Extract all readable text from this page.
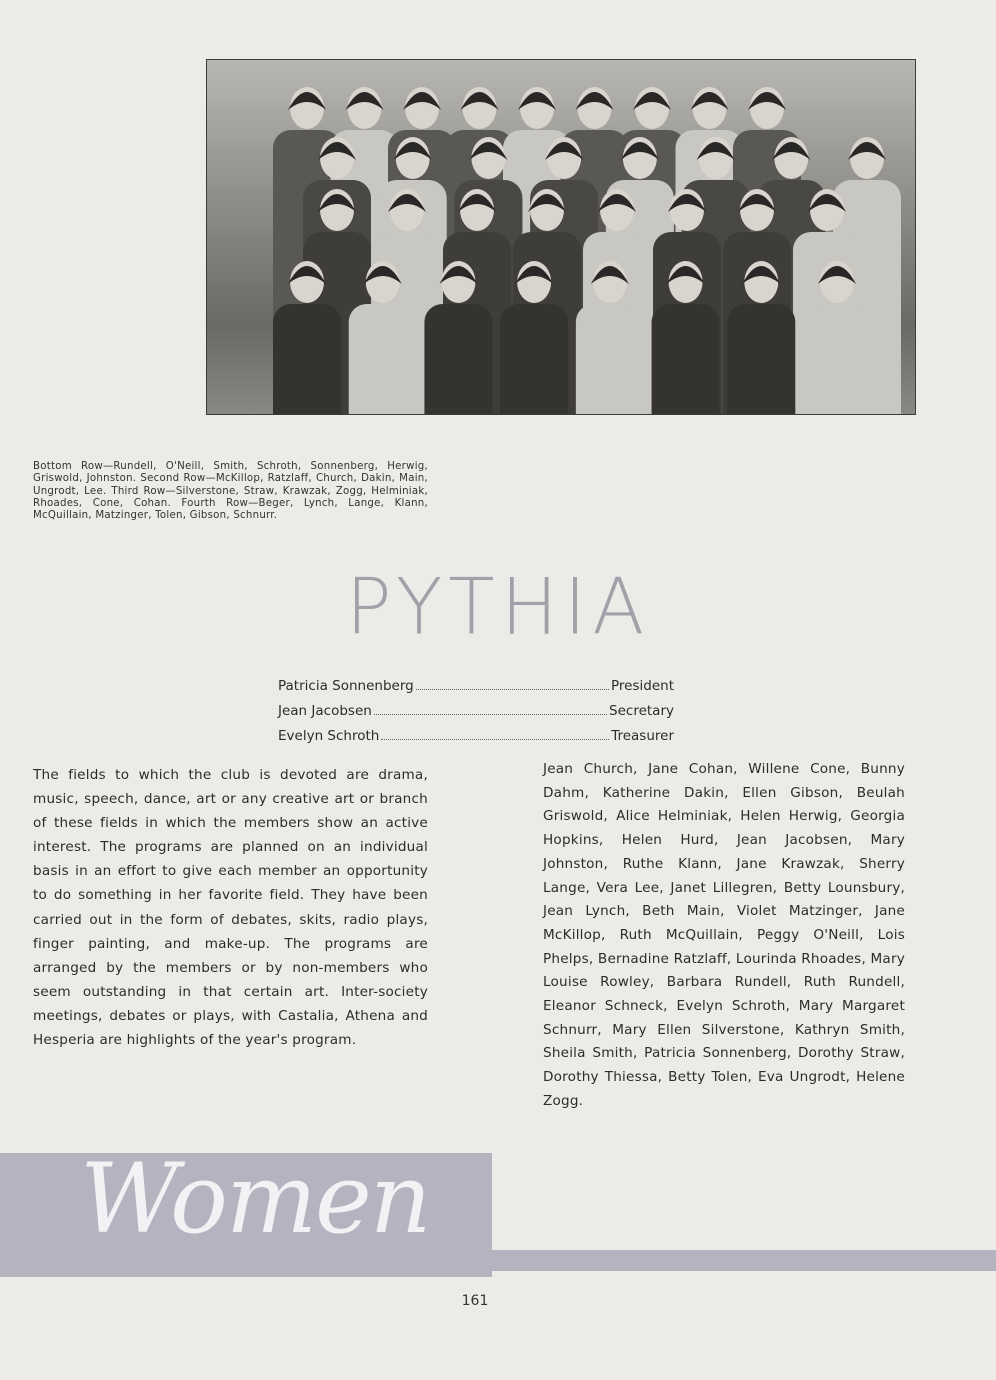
Bottom Row—Rundell, O'Neill, Smith, Schroth, Sonnenberg, Herwig, Griswold, Johnston. Second Row—McKillop, Ratzlaff, Church, Dakin, Main, Ungrodt, Lee. Third Row—Silverstone, Straw, Krawzak, Zogg, Helminiak, Rhoades, Cone, Cohan. Fourth Row—Beger, Lynch, Lange, Klann, McQuillain, Matzinger, Tolen, Gibson, Schnurr.
PYTHIA
Patricia Sonnenberg	President
Jean Jacobsen	Secretary
Evelyn Schroth	Treasurer
The fields to which the club is devoted are drama, music, speech, dance, art or any creative art or branch of these fields in which the members show an active interest. The programs are planned on an individual basis in an effort to give each member an opportunity to do something in her favorite field. They have been carried out in the form of debates, skits, radio plays, finger painting, and make-up. The programs are arranged by the members or by non-members who seem outstanding in that certain art. Inter-society meetings, debates or plays, with Castalia, Athena and Hesperia are highlights of the year's program.
Jean Church, Jane Cohan, Willene Cone, Bunny Dahm, Katherine Dakin, Ellen Gibson, Beulah Griswold, Alice Helminiak, Helen Herwig, Georgia Hopkins, Helen Hurd, Jean Jacobsen, Mary Johnston, Ruthe Klann, Jane Krawzak, Sherry Lange, Vera Lee, Janet Lillegren, Betty Lounsbury, Jean Lynch, Beth Main, Violet Matzinger, Jane McKillop, Ruth McQuillain, Peggy O'Neill, Lois Phelps, Bernadine Ratzlaff, Lourinda Rhoades, Mary Louise Rowley, Barbara Rundell, Ruth Rundell, Eleanor Schneck, Evelyn Schroth, Mary Margaret Schnurr, Mary Ellen Silverstone, Kathryn Smith, Sheila Smith, Patricia Sonnenberg, Dorothy Straw, Dorothy Thiessa, Betty Tolen, Eva Ungrodt, Helene Zogg.
Women
161
